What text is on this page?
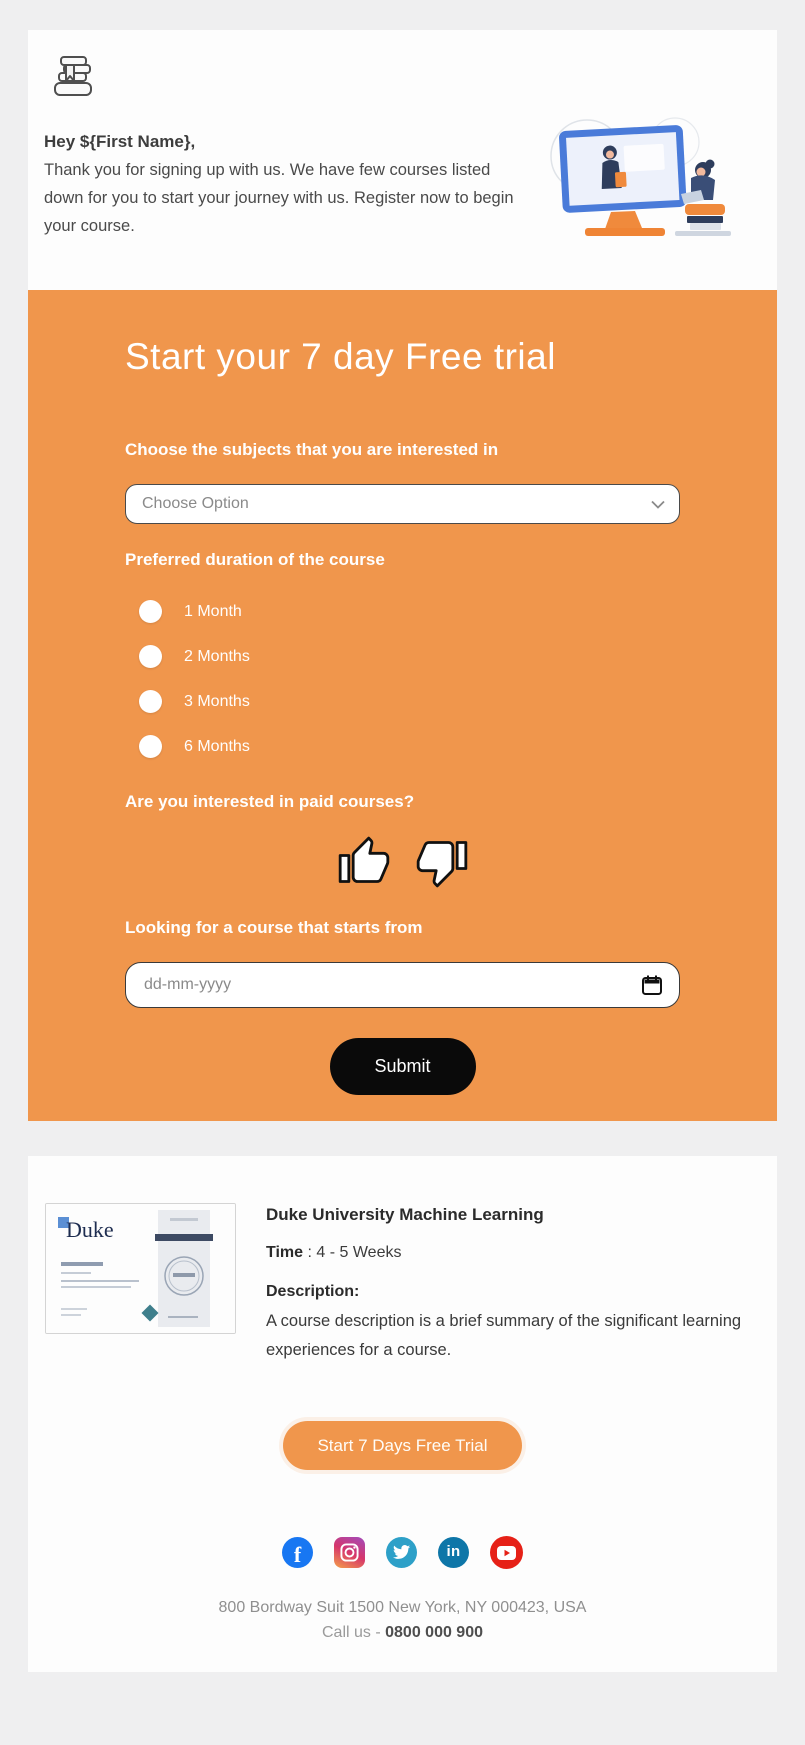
Hey ${First Name},

Thank you for signing up with us. We have few courses listed down for you to start your journey with us. Register now to begin your course.

Start your 7 day Free trial

Choose the subjects that you are interested in

Choose Option

Preferred duration of the course

1 Month
2 Months
3 Months
6 Months

Are you interested in paid courses?

Looking for a course that starts from

dd-mm-yyyy
Submit
Duke

Duke University Machine Learning

Time : 4 - 5 Weeks

Description:

A course description is a brief summary of the significant learning experiences for a course.

Start 7 Days Free Trial
f	in

800 Bordway Suit 1500 New York, NY 000423, USA

Call us - 0800 000 900
